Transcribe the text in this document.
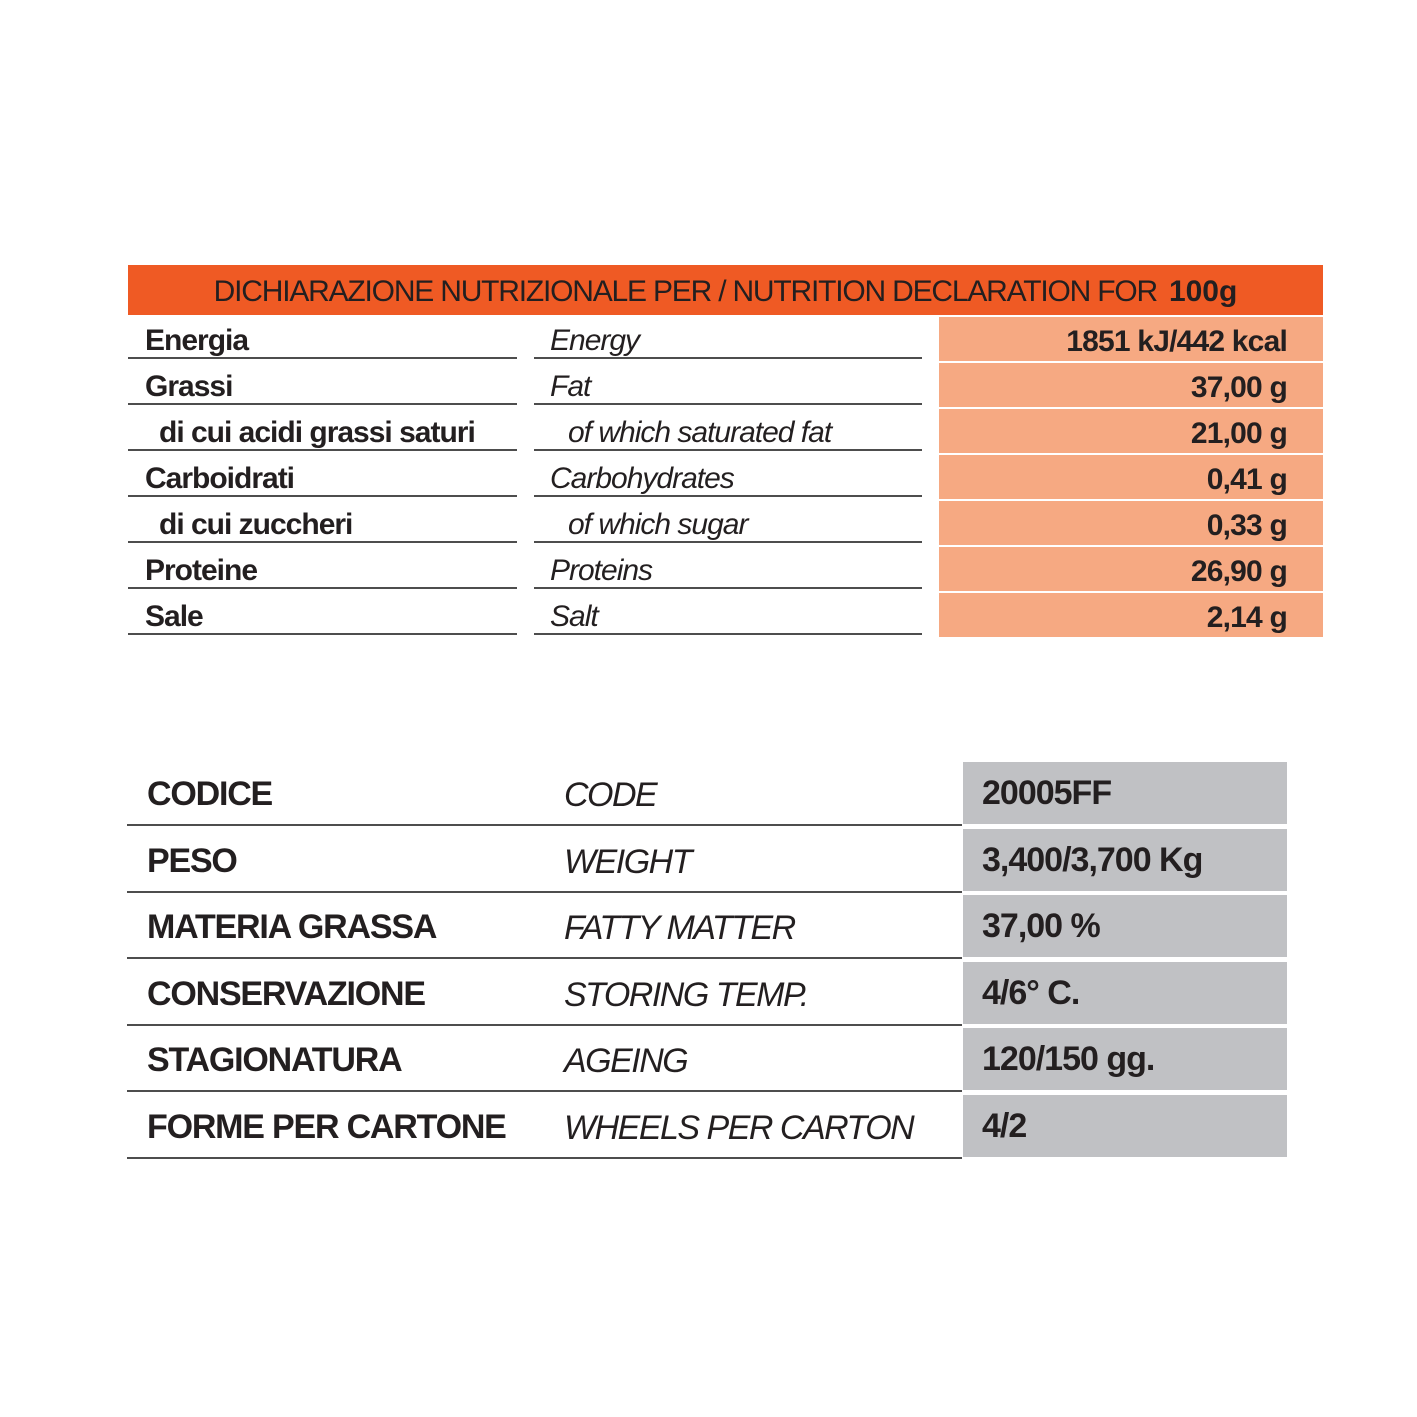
DICHIARAZIONE NUTRIZIONALE PER / NUTRITION DECLARATION FOR 100g
Energia	Energy	1851 kJ/442 kcal
Grassi	Fat	37,00 g
di cui acidi grassi saturi	of which saturated fat	21,00 g
Carboidrati	Carbohydrates	0,41 g
di cui zuccheri	of which sugar	0,33 g
Proteine	Proteins	26,90 g
Sale	Salt	2,14 g
CODICE	CODE	20005FF
PESO	WEIGHT	3,400/3,700 Kg
MATERIA GRASSA	FATTY MATTER	37,00 %
CONSERVAZIONE	STORING TEMP.	4/6° C.
STAGIONATURA	AGEING	120/150 gg.
FORME PER CARTONE	WHEELS PER CARTON	4/2
